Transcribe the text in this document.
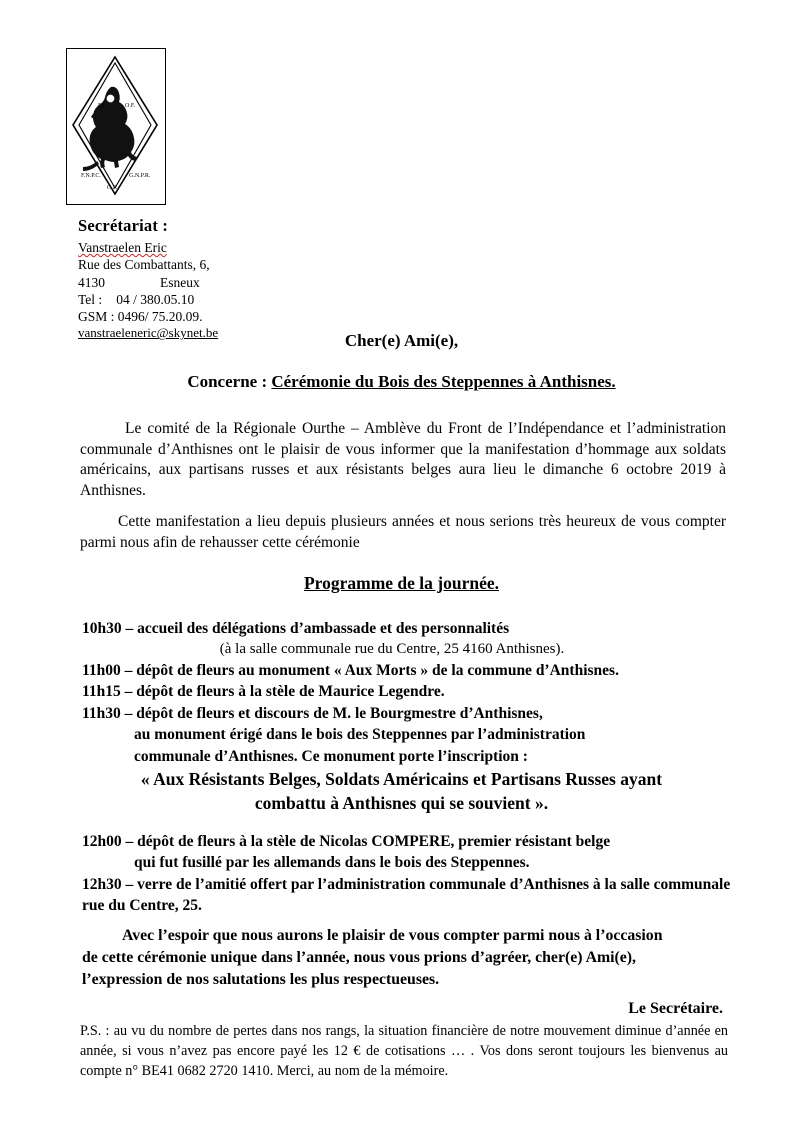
F.I.	O.F.
F.N.P.C.	G.N.P.R.
O.F.
Secrétariat :
Vanstraelen Eric
Rue des Combattants, 6,
4130	Esneux
Tel : 04 / 380.05.10
GSM : 0496/ 75.20.09.
vanstraeleneric@skynet.be	Cher(e) Ami(e),
Concerne : Cérémonie du Bois des Steppennes à Anthisnes.
Le comité de la Régionale Ourthe – Amblève du Front de l’Indépendance et l’administration communale d’Anthisnes ont le plaisir de vous informer que la manifestation d’hommage aux soldats américains, aux partisans russes et aux résistants belges aura lieu le dimanche 6 octobre 2019 à Anthisnes.
Cette manifestation a lieu depuis plusieurs années et nous serions très heureux de vous compter parmi nous afin de rehausser cette cérémonie
Programme de la journée.
10h30 – accueil des délégations d’ambassade et des personnalités
(à la salle communale rue du Centre, 25 4160 Anthisnes).
11h00 – dépôt de fleurs au monument « Aux Morts » de la commune d’Anthisnes.
11h15 – dépôt de fleurs à la stèle de Maurice Legendre.
11h30 – dépôt de fleurs et discours de M. le Bourgmestre d’Anthisnes,
au monument érigé dans le bois des Steppennes par l’administration
communale d’Anthisnes. Ce monument porte l’inscription :
« Aux Résistants Belges, Soldats Américains et Partisans Russes ayant
combattu à Anthisnes qui se souvient ».
12h00 – dépôt de fleurs à la stèle de Nicolas COMPERE, premier résistant belge
qui fut fusillé par les allemands dans le bois des Steppennes.
12h30 – verre de l’amitié offert par l’administration communale d’Anthisnes à la salle communale rue du Centre, 25.
Avec l’espoir que nous aurons le plaisir de vous compter parmi nous à l’occasion
de cette cérémonie unique dans l’année, nous vous prions d’agréer, cher(e) Ami(e),
l’expression de nos salutations les plus respectueuses.
Le Secrétaire.
P.S. : au vu du nombre de pertes dans nos rangs, la situation financière de notre mouvement diminue d’année en année, si vous n’avez pas encore payé les 12 € de cotisations … . Vos dons seront toujours les bienvenus au compte n° BE41 0682 2720 1410. Merci, au nom de la mémoire.
